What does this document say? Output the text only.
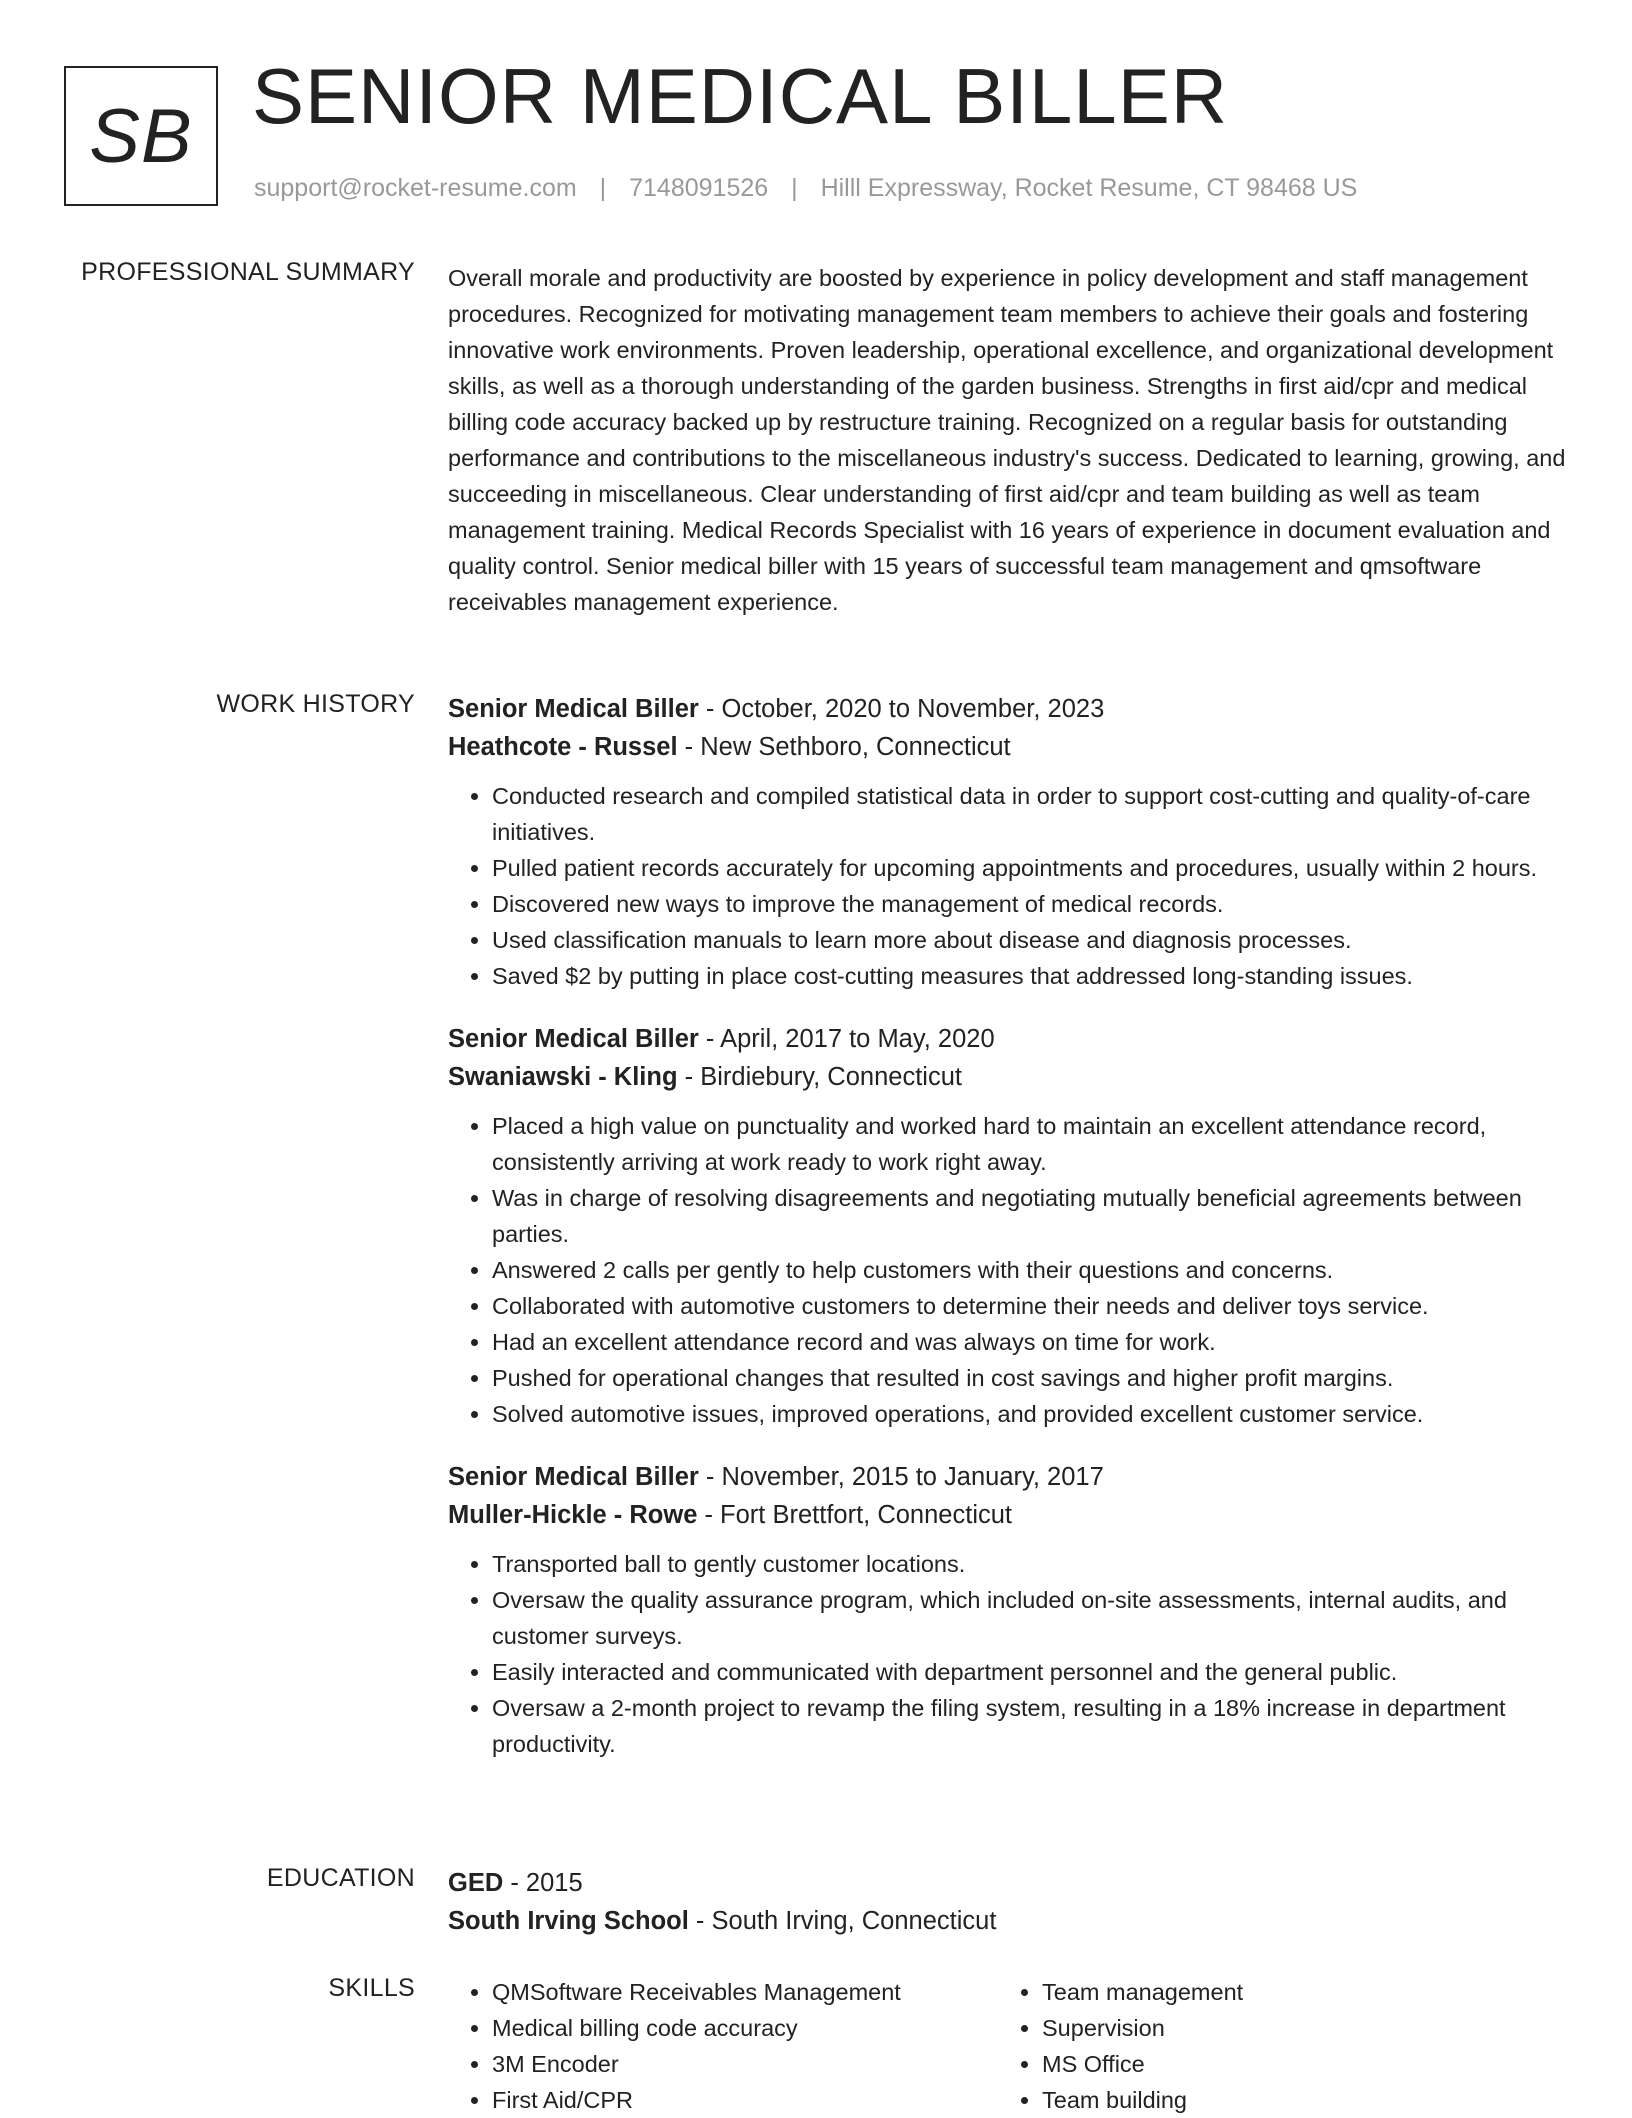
SB SENIOR MEDICAL BILLER
support@rocket-resume.com | 7148091526 | Hilll Expressway, Rocket Resume, CT 98468 US
PROFESSIONAL SUMMARY Overall morale and productivity are boosted by experience in policy development and staff management procedures. Recognized for motivating management team members to achieve their goals and fostering innovative work environments. Proven leadership, operational excellence, and organizational development skills, as well as a thorough understanding of the garden business. Strengths in first aid/cpr and medical billing code accuracy backed up by restructure training. Recognized on a regular basis for outstanding performance and contributions to the miscellaneous industry's success. Dedicated to learning, growing, and succeeding in miscellaneous. Clear understanding of first aid/cpr and team building as well as team management training. Medical Records Specialist with 16 years of experience in document evaluation and quality control. Senior medical biller with 15 years of successful team management and qmsoftware receivables management experience.

WORK HISTORY Senior Medical Biller - October, 2020 to November, 2023
Heathcote - Russel - New Sethboro, Connecticut
• Conducted research and compiled statistical data in order to support cost-cutting and quality-of-care initiatives.
• Pulled patient records accurately for upcoming appointments and procedures, usually within 2 hours.
• Discovered new ways to improve the management of medical records.
• Used classification manuals to learn more about disease and diagnosis processes.
• Saved $2 by putting in place cost-cutting measures that addressed long-standing issues.
Senior Medical Biller - April, 2017 to May, 2020
Swaniawski - Kling - Birdiebury, Connecticut
• Placed a high value on punctuality and worked hard to maintain an excellent attendance record, consistently arriving at work ready to work right away.
• Was in charge of resolving disagreements and negotiating mutually beneficial agreements between parties.
• Answered 2 calls per gently to help customers with their questions and concerns.
• Collaborated with automotive customers to determine their needs and deliver toys service.
• Had an excellent attendance record and was always on time for work.
• Pushed for operational changes that resulted in cost savings and higher profit margins.
• Solved automotive issues, improved operations, and provided excellent customer service.
Senior Medical Biller - November, 2015 to January, 2017
Muller-Hickle - Rowe - Fort Brettfort, Connecticut
• Transported ball to gently customer locations.
• Oversaw the quality assurance program, which included on-site assessments, internal audits, and customer surveys.
• Easily interacted and communicated with department personnel and the general public.
• Oversaw a 2-month project to revamp the filing system, resulting in a 18% increase in department productivity.
EDUCATION GED - 2015
South Irving School - South Irving, Connecticut
SKILLS
•	QMSoftware Receivables Management
• Medical billing code accuracy
• 3M Encoder
• First Aid/CPR
• Team management
• Supervision
• MS Office
• Team building
